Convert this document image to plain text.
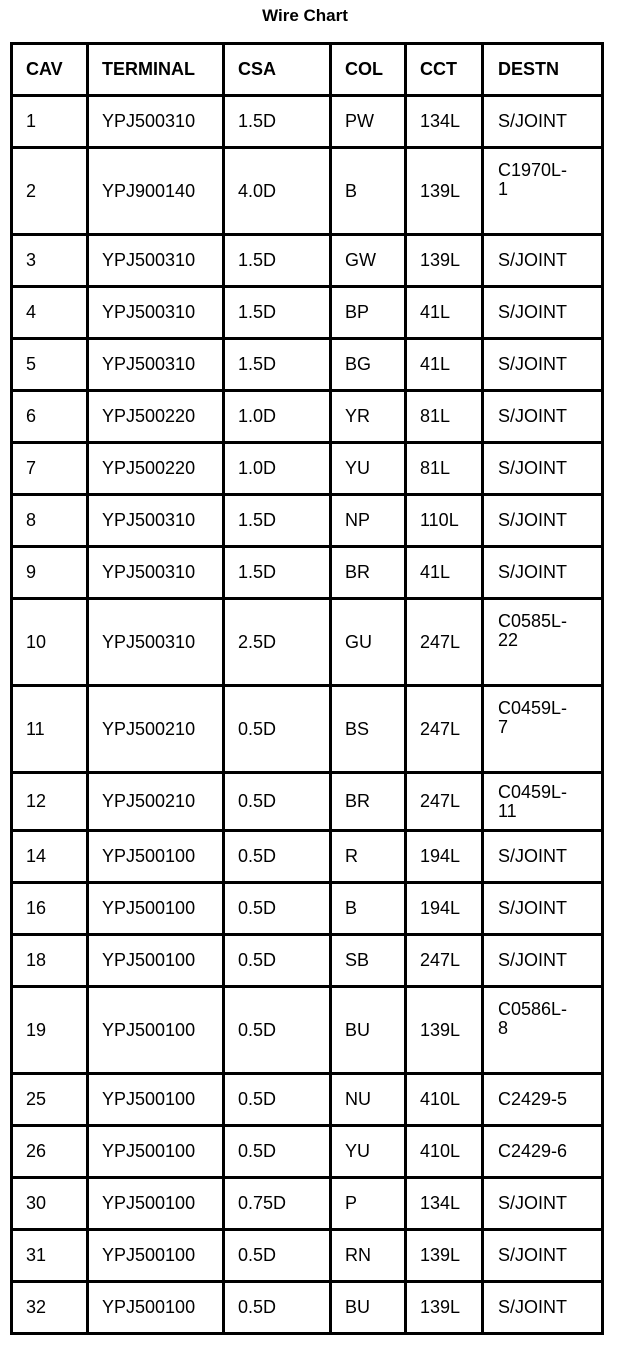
Wire Chart
CAV	TERMINAL	CSA	COL	CCT	DESTN
1	YPJ500310	1.5D	PW	134L	S/JOINT
2	YPJ900140	4.0D	B	139L	C1970L-
1
3	YPJ500310	1.5D	GW	139L	S/JOINT
4	YPJ500310	1.5D	BP	41L	S/JOINT
5	YPJ500310	1.5D	BG	41L	S/JOINT
6	YPJ500220	1.0D	YR	81L	S/JOINT
7	YPJ500220	1.0D	YU	81L	S/JOINT
8	YPJ500310	1.5D	NP	110L	S/JOINT
9	YPJ500310	1.5D	BR	41L	S/JOINT
10	YPJ500310	2.5D	GU	247L	C0585L-
22
11	YPJ500210	0.5D	BS	247L	C0459L-
7
12	YPJ500210	0.5D	BR	247L	C0459L-
11
14	YPJ500100	0.5D	R	194L	S/JOINT
16	YPJ500100	0.5D	B	194L	S/JOINT
18	YPJ500100	0.5D	SB	247L	S/JOINT
19	YPJ500100	0.5D	BU	139L	C0586L-
8
25	YPJ500100	0.5D	NU	410L	C2429-5
26	YPJ500100	0.5D	YU	410L	C2429-6
30	YPJ500100	0.75D	P	134L	S/JOINT
31	YPJ500100	0.5D	RN	139L	S/JOINT
32	YPJ500100	0.5D	BU	139L	S/JOINT
